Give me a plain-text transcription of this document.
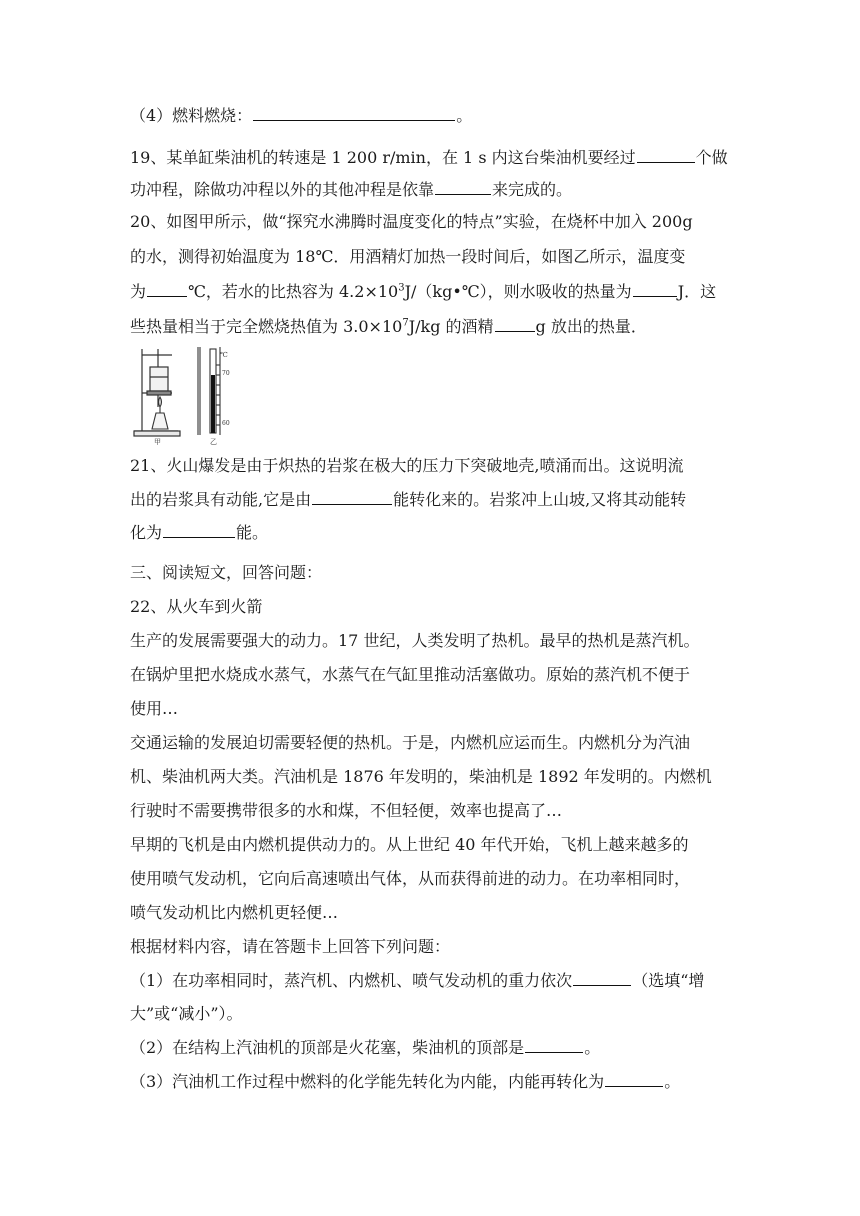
（4）燃料燃烧：	。
19、某单缸柴油机的转速是 1 200 r/min，在 1 s 内这台柴油机要经过	个做
功冲程，除做功冲程以外的其他冲程是依靠	来完成的。
20、如图甲所示，做“探究水沸腾时温度变化的特点”实验，在烧杯中加入 200g
的水，测得初始温度为 18℃．用酒精灯加热一段时间后，如图乙所示，温度变
为	℃，若水的比热容为 $4.2\times 10^3J/(kg•℃)$，则水吸收的热量为	J．这
些热量相当于完全燃烧热值为 $3.0\times 10^7J/kg$ 的酒精	g 放出的热量．
甲
℃
70
60
乙
21、火山爆发是由于炽热的岩浆在极大的压力下突破地壳,喷涌而出。这说明流
出的岩浆具有动能,它是由	能转化来的。岩浆冲上山坡,又将其动能转
化为	能。
三、阅读短文，回答问题：
22、从火车到火箭
生产的发展需要强大的动力。17 世纪，人类发明了热机。最早的热机是蒸汽机。
在锅炉里把水烧成水蒸气，水蒸气在气缸里推动活塞做功。原始的蒸汽机不便于
使用…
交通运输的发展迫切需要轻便的热机。于是，内燃机应运而生。内燃机分为汽油
机、柴油机两大类。汽油机是 1876 年发明的，柴油机是 1892 年发明的。内燃机
行驶时不需要携带很多的水和煤，不但轻便，效率也提高了…
早期的飞机是由内燃机提供动力的。从上世纪 40 年代开始，飞机上越来越多的
使用喷气发动机，它向后高速喷出气体，从而获得前进的动力。在功率相同时，
喷气发动机比内燃机更轻便…
根据材料内容，请在答题卡上回答下列问题：
（1）在功率相同时，蒸汽机、内燃机、喷气发动机的重力依次	（选填“增
大”或“减小”）。
（2）在结构上汽油机的顶部是火花塞，柴油机的顶部是	。
（3）汽油机工作过程中燃料的化学能先转化为内能，内能再转化为	。
